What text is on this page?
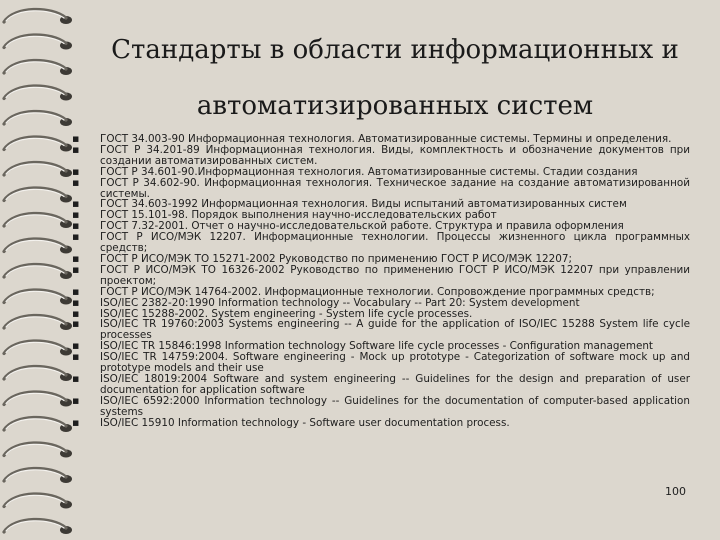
Стандарты в области информационных и автоматизированных систем
▪ ГОСТ 34.003-90 Информационная технология. Автоматизированные системы. Термины и определения.
▪ ГОСТ Р 34.201-89 Информационная технология. Виды, комплектность и обозначение документов при создании автоматизированных систем.
▪ ГОСТ Р 34.601-90.Информационная технология. Автоматизированные системы. Стадии создания
▪ ГОСТ Р 34.602-90. Информационная технология. Техническое задание на создание автоматизированной системы.
▪ ГОСТ 34.603-1992 Информационная технология. Виды испытаний автоматизированных систем
▪ ГОСТ 15.101-98. Порядок выполнения научно-исследовательских работ
▪ ГОСТ 7.32-2001. Отчет о научно-исследовательской работе. Структура и правила оформления
▪ ГОСТ Р ИСО/МЭК 12207. Информационные технологии. Процессы жизненного цикла программных средств;
▪ ГОСТ Р ИСО/МЭК ТО 15271-2002 Руководство по применению ГОСТ Р ИСО/МЭК 12207;
▪ ГОСТ Р ИСО/МЭК ТО 16326-2002 Руководство по применению ГОСТ Р ИСО/МЭК 12207 при управлении проектом;
▪ ГОСТ Р ИСО/МЭК 14764-2002. Информационные технологии. Сопровождение программных средств;
▪ ISO/IEC 2382-20:1990 Information technology -- Vocabulary -- Part 20: System development
▪ ISO/IEC 15288-2002. System engineering - System life cycle processes.
▪ ISO/IEC TR 19760:2003 Systems engineering -- A guide for the application of ISO/IEC 15288 System life cycle processes
▪ ISO/IEC TR 15846:1998 Information technology Software life cycle processes - Configuration management
▪ ISO/IEC TR 14759:2004. Software engineering - Mock up prototype - Categorization of software mock up and prototype models and their use
▪ ISO/IEC 18019:2004 Software and system engineering -- Guidelines for the design and preparation of user documentation for application software
▪ ISO/IEC 6592:2000 Information technology -- Guidelines for the documentation of computer-based application systems
▪ ISO/IEC 15910 Information technology - Software user documentation process.
100
